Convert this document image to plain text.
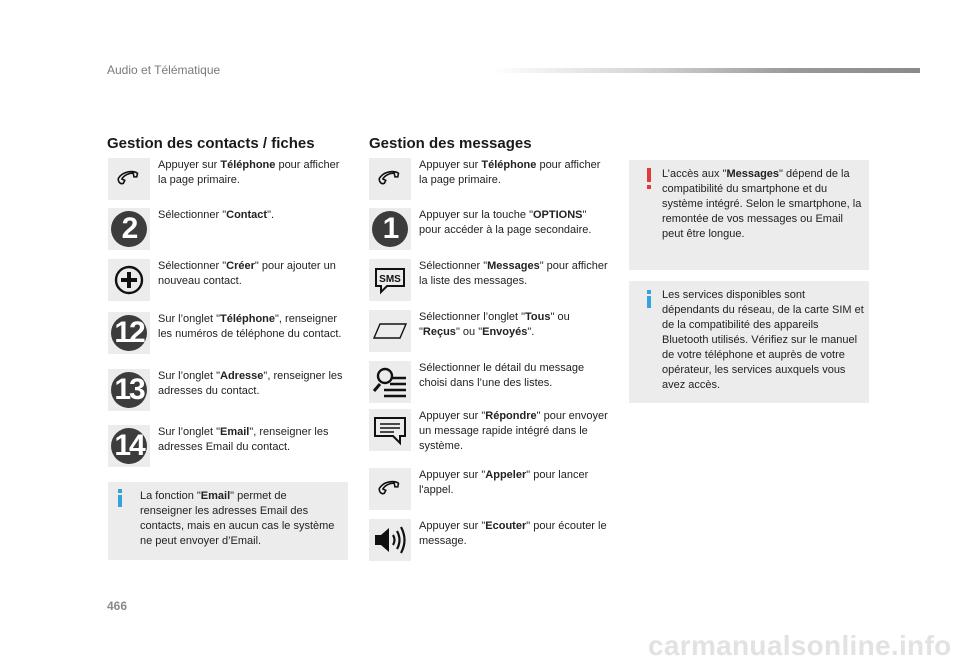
Audio et Télématique
Gestion des contacts / fiches
Appuyer sur Téléphone pour afficher la page primaire.
2 Sélectionner "Contact".
Sélectionner "Créer" pour ajouter un nouveau contact.
12 Sur l’onglet "Téléphone", renseigner les numéros de téléphone du contact.
13 Sur l’onglet "Adresse", renseigner les adresses du contact.
14 Sur l’onglet "Email", renseigner les adresses Email du contact.
La fonction "Email" permet de renseigner les adresses Email des contacts, mais en aucun cas le système ne peut envoyer d’Email.
Gestion des messages
Appuyer sur Téléphone pour afficher la page primaire.
1 Appuyer sur la touche "OPTIONS" pour accéder à la page secondaire.
SMS
Sélectionner "Messages" pour afficher la liste des messages.
Sélectionner l’onglet "Tous" ou "Reçus" ou "Envoyés".
Sélectionner le détail du message choisi dans l’une des listes.
Appuyer sur "Répondre" pour envoyer un message rapide intégré dans le système.
Appuyer sur "Appeler" pour lancer l'appel.
Appuyer sur "Ecouter" pour écouter le message.
L’accès aux "Messages" dépend de la compatibilité du smartphone et du système intégré. Selon le smartphone, la remontée de vos messages ou Email peut être longue.
Les services disponibles sont dépendants du réseau, de la carte SIM et de la compatibilité des appareils Bluetooth utilisés. Vérifiez sur le manuel de votre téléphone et auprès de votre opérateur, les services auxquels vous avez accès.
466
carmanualsonline.info
